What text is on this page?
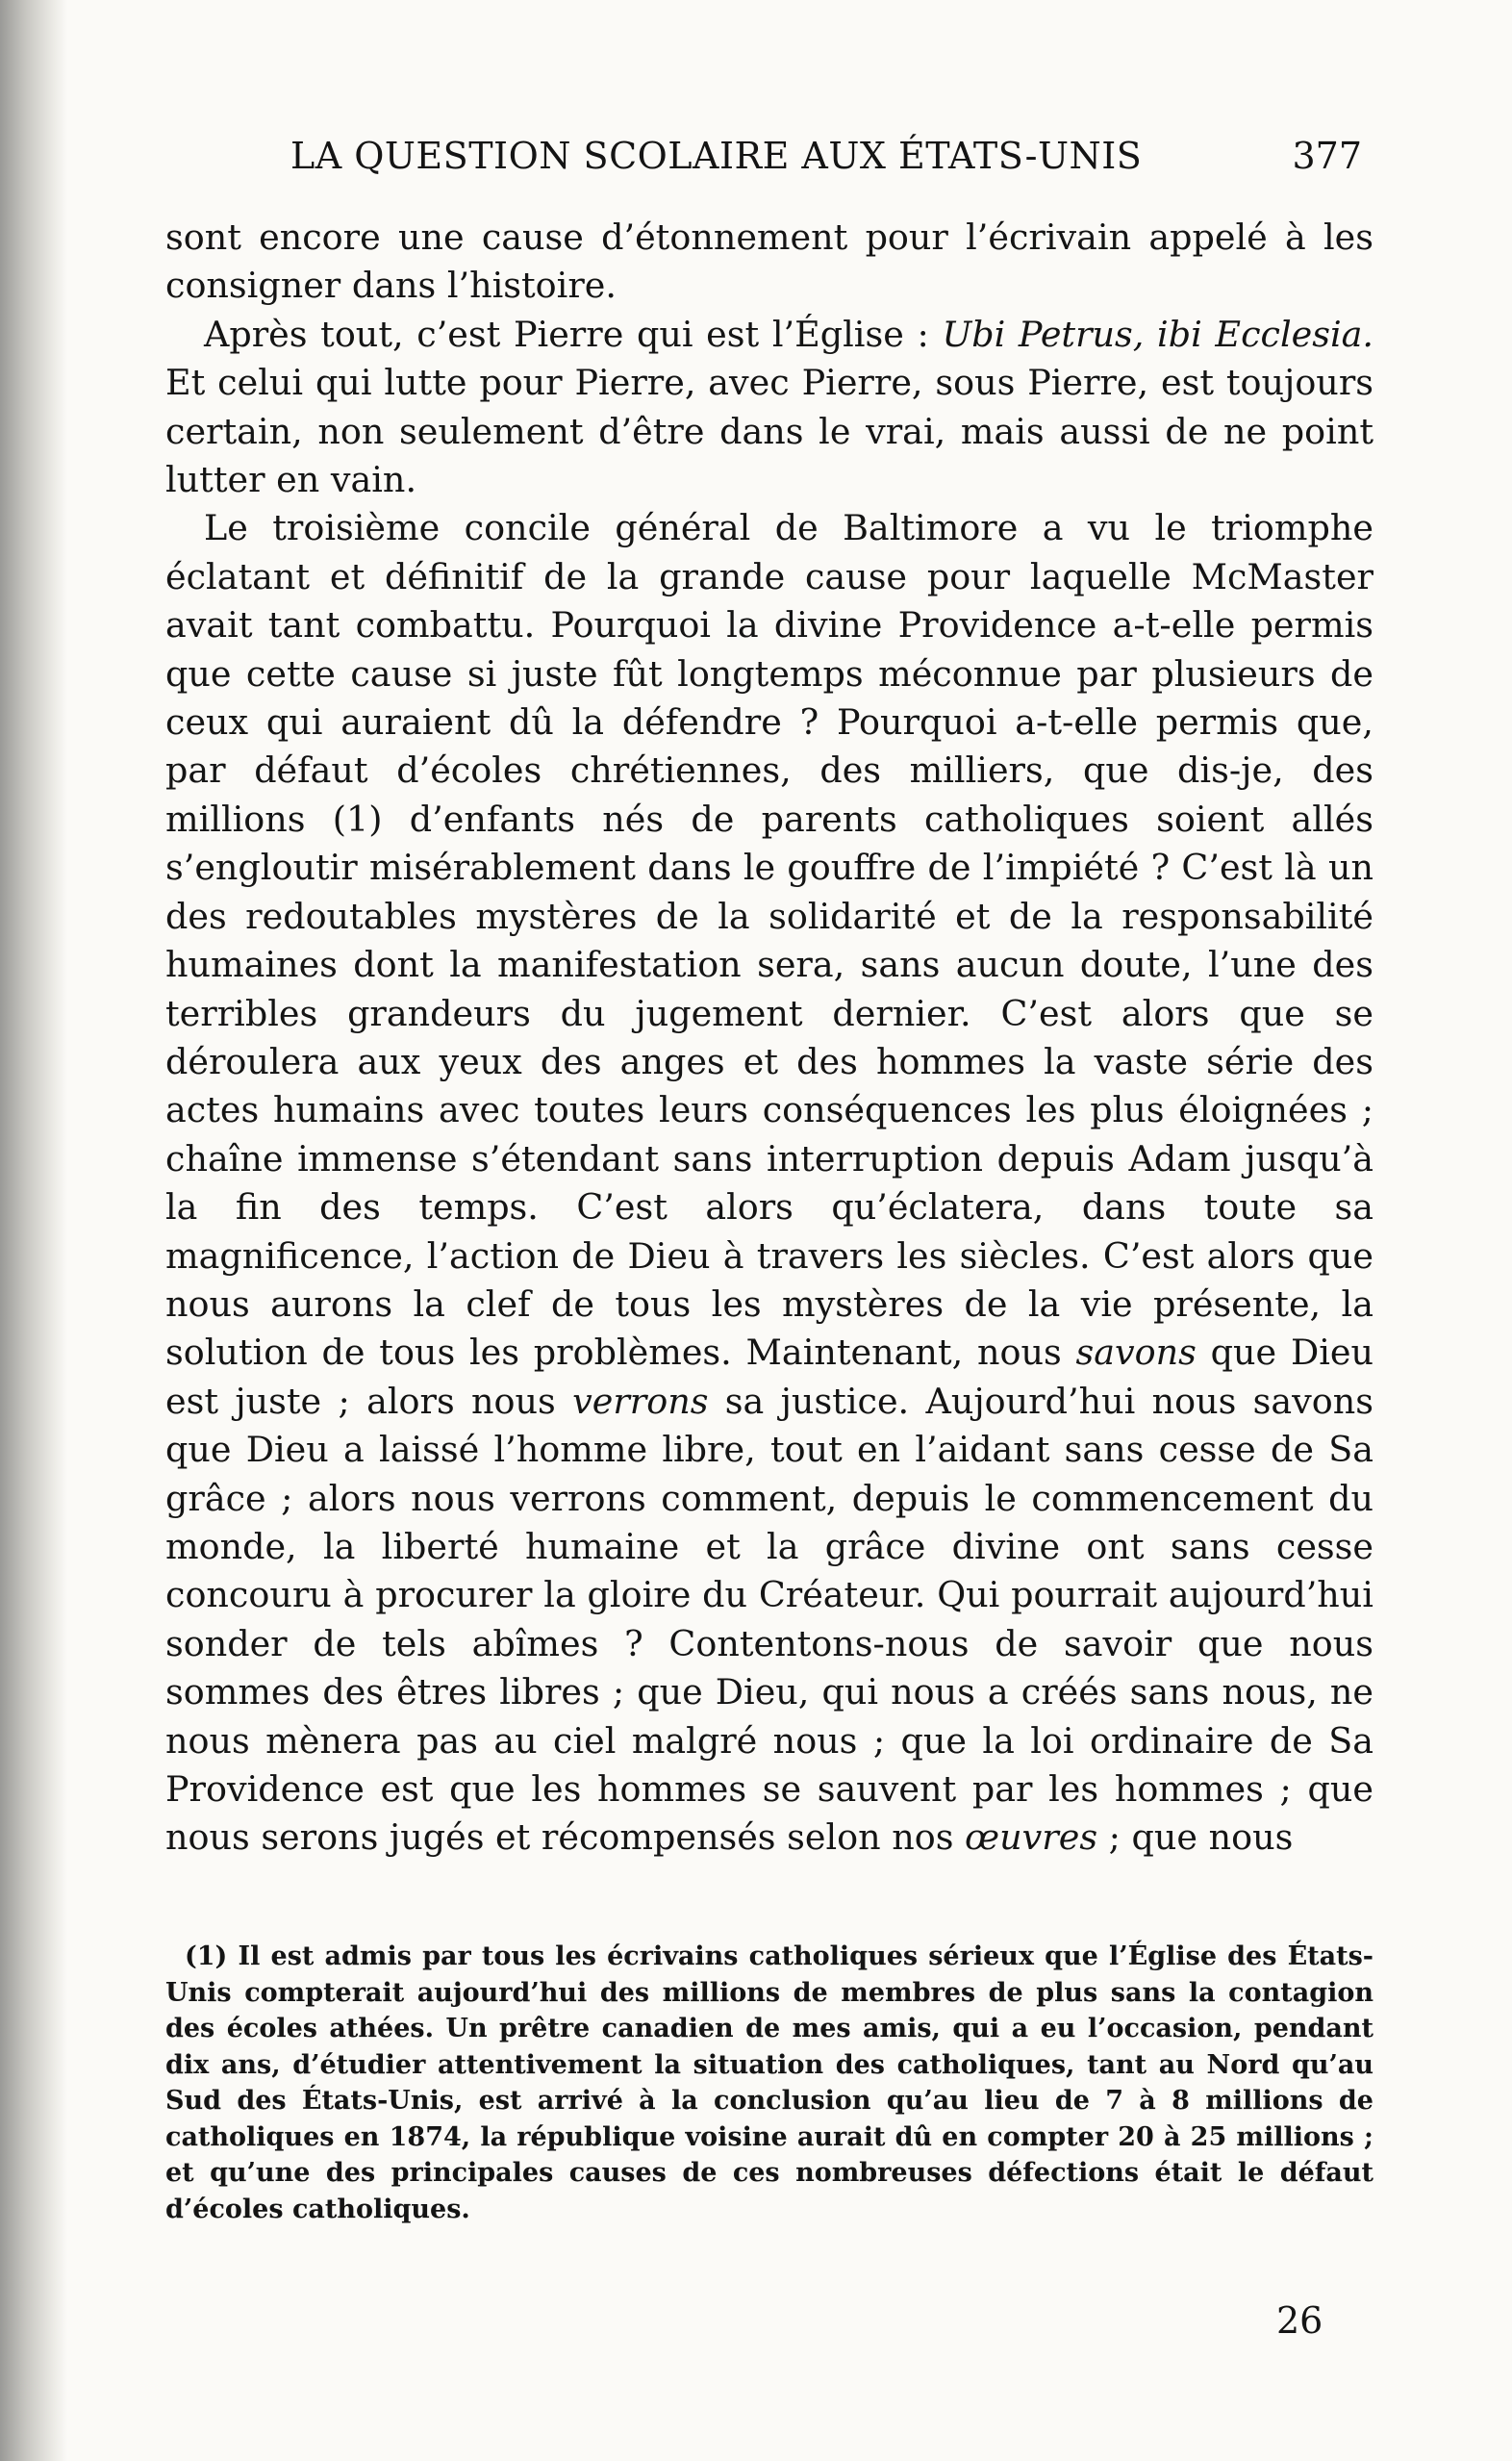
LA QUESTION SCOLAIRE AUX ÉTATS-UNIS	377

sont encore une cause d’étonnement pour l’écrivain appelé à les consigner dans l’histoire.

Après tout, c’est Pierre qui est l’Église : Ubi Petrus, ibi Ecclesia. Et celui qui lutte pour Pierre, avec Pierre, sous Pierre, est toujours certain, non seulement d’être dans le vrai, mais aussi de ne point lutter en vain.

Le troisième concile général de Baltimore a vu le triomphe éclatant et définitif de la grande cause pour laquelle McMaster avait tant combattu. Pourquoi la divine Providence a-t-elle permis que cette cause si juste fût longtemps méconnue par plusieurs de ceux qui auraient dû la défendre ? Pourquoi a-t-elle permis que, par défaut d’écoles chrétiennes, des milliers, que dis-je, des millions (1) d’enfants nés de parents catholiques soient allés s’engloutir misérablement dans le gouffre de l’impiété ? C’est là un des redoutables mystères de la solidarité et de la responsabilité humaines dont la manifestation sera, sans aucun doute, l’une des terribles grandeurs du jugement dernier. C’est alors que se déroulera aux yeux des anges et des hommes la vaste série des actes humains avec toutes leurs conséquences les plus éloignées ; chaîne immense s’étendant sans interruption depuis Adam jusqu’à la fin des temps. C’est alors qu’éclatera, dans toute sa magnificence, l’action de Dieu à travers les siècles. C’est alors que nous aurons la clef de tous les mystères de la vie présente, la solution de tous les problèmes. Maintenant, nous savons que Dieu est juste ; alors nous verrons sa justice. Aujourd’hui nous savons que Dieu a laissé l’homme libre, tout en l’aidant sans cesse de Sa grâce ; alors nous verrons comment, depuis le commencement du monde, la liberté humaine et la grâce divine ont sans cesse concouru à procurer la gloire du Créateur. Qui pourrait aujourd’hui sonder de tels abîmes ? Contentons-nous de savoir que nous sommes des êtres libres ; que Dieu, qui nous a créés sans nous, ne nous mènera pas au ciel malgré nous ; que la loi ordinaire de Sa Providence est que les hommes se sauvent par les hommes ; que nous serons jugés et récompensés selon nos œuvres ; que nous

(1) Il est admis par tous les écrivains catholiques sérieux que l’Église des États-Unis compterait aujourd’hui des millions de membres de plus sans la contagion des écoles athées. Un prêtre canadien de mes amis, qui a eu l’occasion, pendant dix ans, d’étudier attentivement la situation des catholiques, tant au Nord qu’au Sud des États-Unis, est arrivé à la conclusion qu’au lieu de 7 à 8 millions de catholiques en 1874, la république voisine aurait dû en compter 20 à 25 millions ; et qu’une des principales causes de ces nombreuses défections était le défaut d’écoles catholiques.

26
